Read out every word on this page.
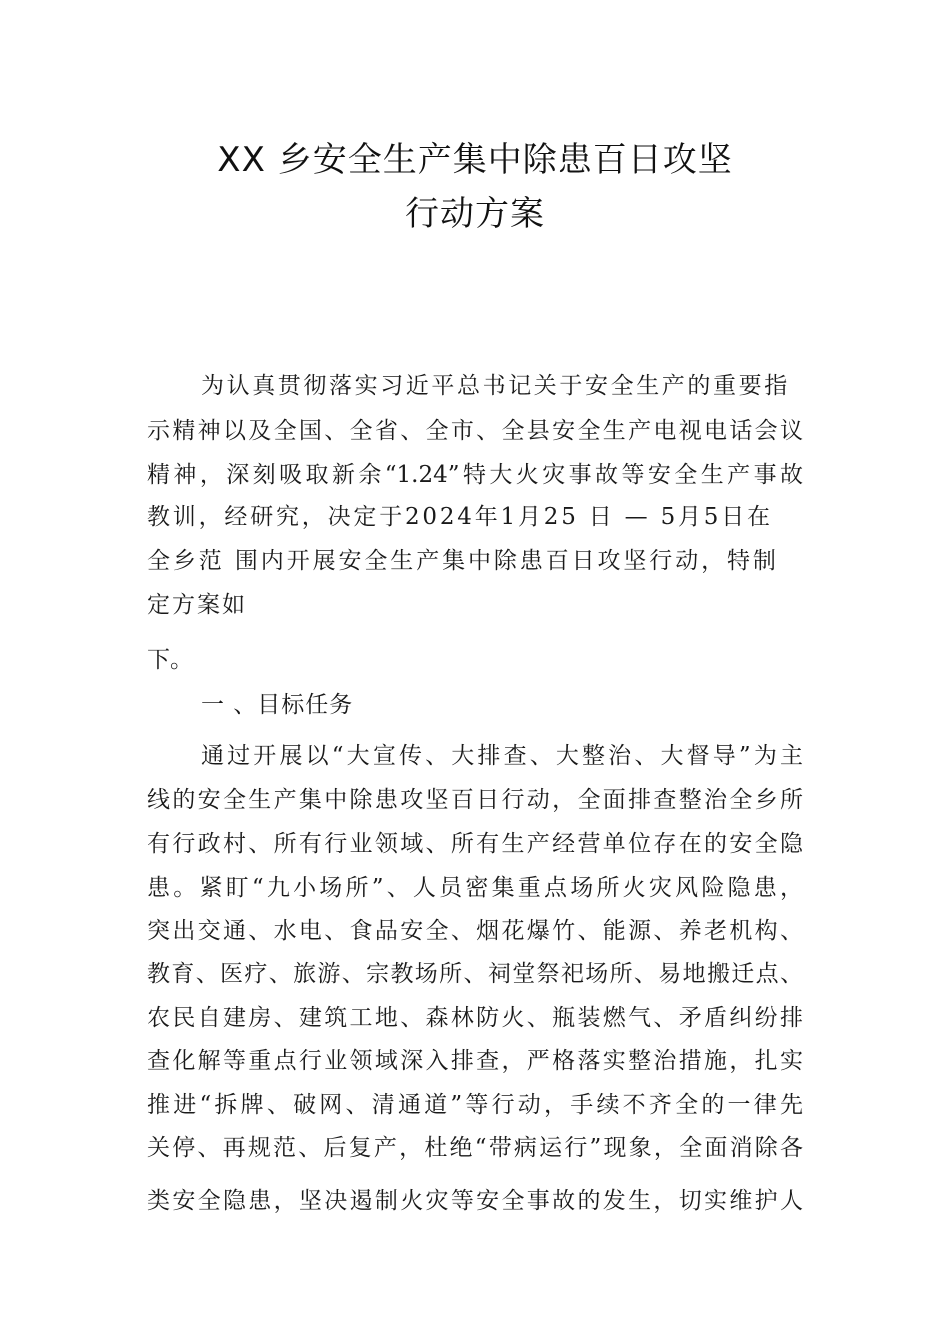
XX 乡安全生产集中除患百日攻坚
行动方案
为认真贯彻落实习近平总书记关于安全生产的重要指
示精神以及全国、全省、全市、全县安全生产电视电话会议
精神，深刻吸取新余“1.24”特大火灾事故等安全生产事故
教训，经研究，决定于2024年1月25 日 — 5月5日在
全乡范 围内开展安全生产集中除患百日攻坚行动，特制
定方案如
下。
一 、目标任务
通过开展以“大宣传、大排查、大整治、大督导”为主
线的安全生产集中除患攻坚百日行动，全面排查整治全乡所
有行政村、所有行业领域、所有生产经营单位存在的安全隐
患。紧盯“九小场所”、人员密集重点场所火灾风险隐患，
突出交通、水电、食品安全、烟花爆竹、能源、养老机构、
教育、医疗、旅游、宗教场所、祠堂祭祀场所、易地搬迁点、
农民自建房、建筑工地、森林防火、瓶装燃气、矛盾纠纷排
查化解等重点行业领域深入排查，严格落实整治措施，扎实
推进“拆牌、破网、清通道”等行动，手续不齐全的一律先
关停、再规范、后复产，杜绝“带病运行”现象，全面消除各
类安全隐患，坚决遏制火灾等安全事故的发生，切实维护人
